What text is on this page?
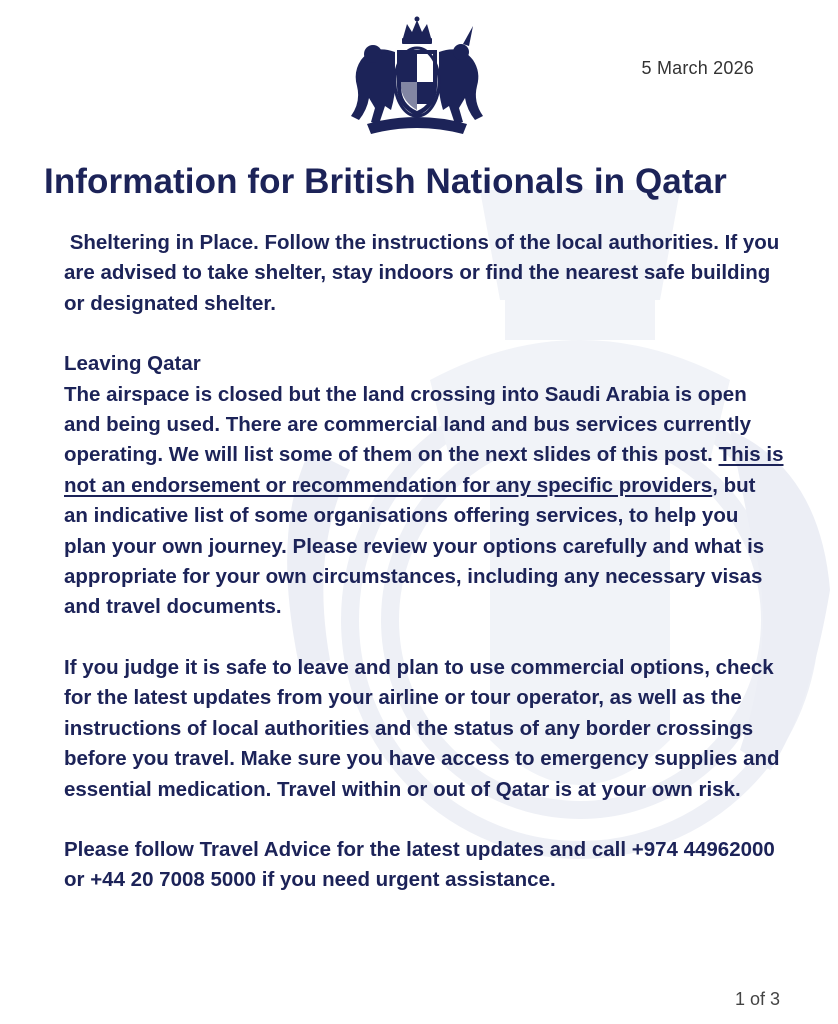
5 March 2026
Information for British Nationals in Qatar

Sheltering in Place. Follow the instructions of the local authorities. If you are advised to take shelter, stay indoors or find the nearest safe building or designated shelter.

Leaving Qatar

The airspace is closed but the land crossing into Saudi Arabia is open and being used. There are commercial land and bus services currently operating. We will list some of them on the next slides of this post. This is not an endorsement or recommendation for any specific providers, but an indicative list of some organisations offering services, to help you plan your own journey. Please review your options carefully and what is appropriate for your own circumstances, including any necessary visas and travel documents.

If you judge it is safe to leave and plan to use commercial options, check for the latest updates from your airline or tour operator, as well as the instructions of local authorities and the status of any border crossings before you travel. Make sure you have access to emergency supplies and essential medication. Travel within or out of Qatar is at your own risk.

Please follow Travel Advice for the latest updates and call +974 44962000 or +44 20 7008 5000 if you need urgent assistance.

1 of 3
